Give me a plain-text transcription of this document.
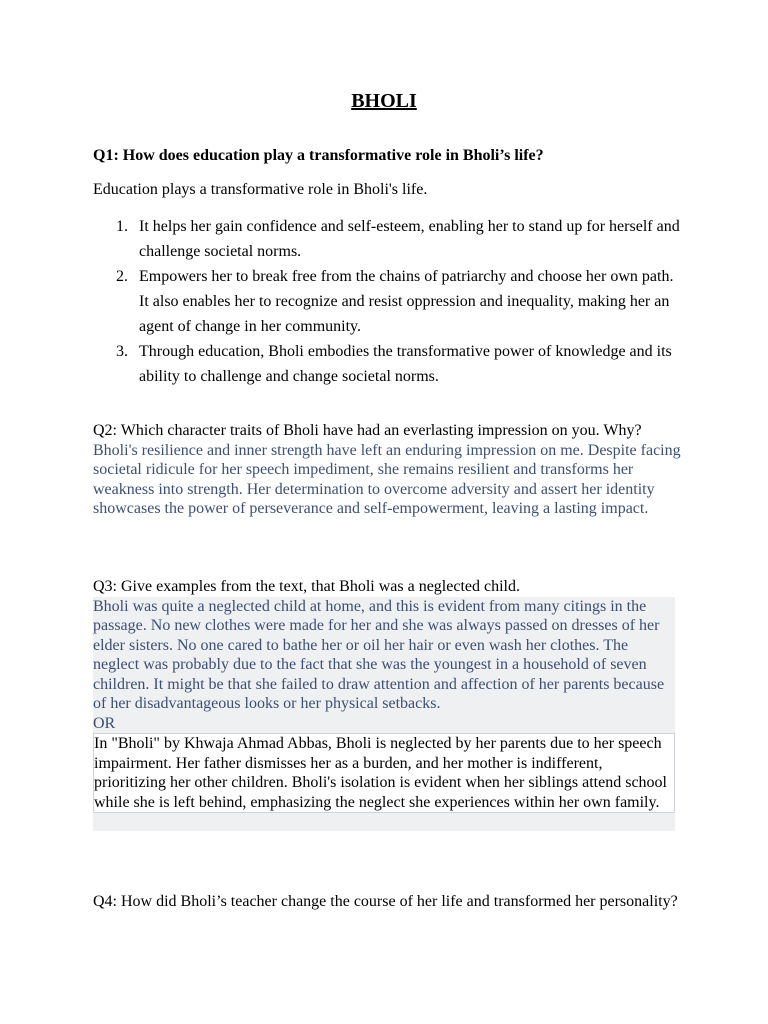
BHOLI

Q1: How does education play a transformative role in Bholi’s life?

Education plays a transformative role in Bholi's life.

1. It helps her gain confidence and self-esteem, enabling her to stand up for herself and challenge societal norms.
2. Empowers her to break free from the chains of patriarchy and choose her own path. It also enables her to recognize and resist oppression and inequality, making her an agent of change in her community.
3. Through education, Bholi embodies the transformative power of knowledge and its ability to challenge and change societal norms.

Q2: Which character traits of Bholi have had an everlasting impression on you. Why?

Bholi's resilience and inner strength have left an enduring impression on me. Despite facing societal ridicule for her speech impediment, she remains resilient and transforms her weakness into strength. Her determination to overcome adversity and assert her identity showcases the power of perseverance and self-empowerment, leaving a lasting impact.

Q3: Give examples from the text, that Bholi was a neglected child.

Bholi was quite a neglected child at home, and this is evident from many citings in the passage. No new clothes were made for her and she was always passed on dresses of her elder sisters. No one cared to bathe her or oil her hair or even wash her clothes. The neglect was probably due to the fact that she was the youngest in a household of seven children. It might be that she failed to draw attention and affection of her parents because of her disadvantageous looks or her physical setbacks.

OR

In "Bholi" by Khwaja Ahmad Abbas, Bholi is neglected by her parents due to her speech impairment. Her father dismisses her as a burden, and her mother is indifferent, prioritizing her other children. Bholi's isolation is evident when her siblings attend school while she is left behind, emphasizing the neglect she experiences within her own family.

Q4: How did Bholi’s teacher change the course of her life and transformed her personality?
